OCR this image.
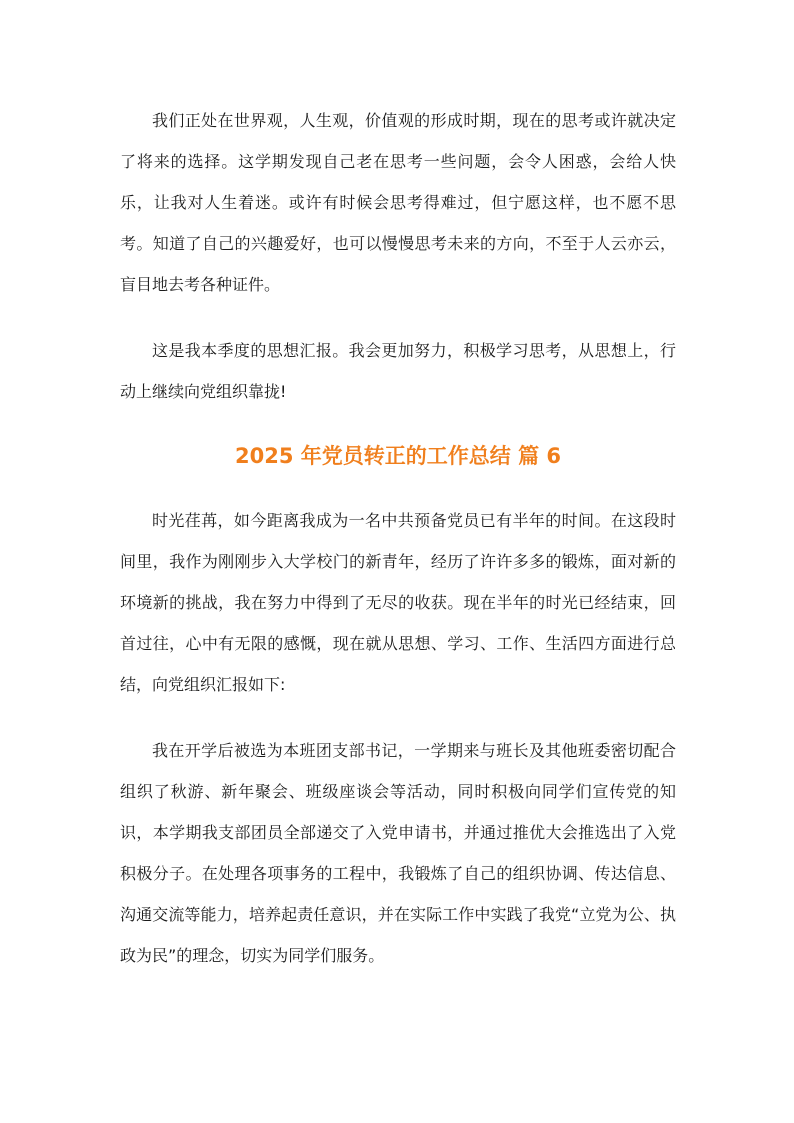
我们正处在世界观，人生观，价值观的形成时期，现在的思考或许就决定了将来的选择。这学期发现自己老在思考一些问题，会令人困惑，会给人快乐，让我对人生着迷。或许有时候会思考得难过，但宁愿这样，也不愿不思考。知道了自己的兴趣爱好，也可以慢慢思考未来的方向，不至于人云亦云，盲目地去考各种证件。

这是我本季度的思想汇报。我会更加努力，积极学习思考，从思想上，行动上继续向党组织靠拢!

2025 年党员转正的工作总结 篇 6

时光荏苒，如今距离我成为一名中共预备党员已有半年的时间。在这段时间里，我作为刚刚步入大学校门的新青年，经历了许许多多的锻炼，面对新的环境新的挑战，我在努力中得到了无尽的收获。现在半年的时光已经结束，回首过往，心中有无限的感慨，现在就从思想、学习、工作、生活四方面进行总结，向党组织汇报如下:

我在开学后被选为本班团支部书记，一学期来与班长及其他班委密切配合组织了秋游、新年聚会、班级座谈会等活动，同时积极向同学们宣传党的知识，本学期我支部团员全部递交了入党申请书，并通过推优大会推选出了入党积极分子。在处理各项事务的工程中，我锻炼了自己的组织协调、传达信息、沟通交流等能力，培养起责任意识，并在实际工作中实践了我党“立党为公、执政为民”的理念，切实为同学们服务。
